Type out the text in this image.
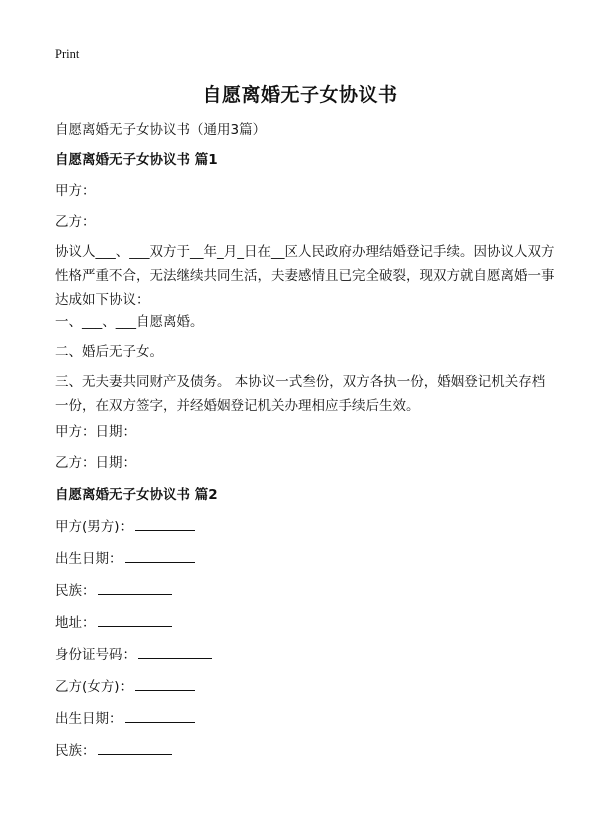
Print
自愿离婚无子女协议书
自愿离婚无子女协议书（通用3篇）
自愿离婚无子女协议书 篇1
甲方：
乙方：

协议人___、___双方于__年_月_日在__区人民政府办理结婚登记手续。因协议人双方性格严重不合，无法继续共同生活，夫妻感情且已完全破裂，现双方就自愿离婚一事达成如下协议：

一、___、___自愿离婚。
二、婚后无子女。

三、无夫妻共同财产及债务。 本协议一式叁份，双方各执一份，婚姻登记机关存档一份，在双方签字，并经婚姻登记机关办理相应手续后生效。

甲方：日期：
乙方：日期：
自愿离婚无子女协议书 篇2
甲方(男方)：
出生日期：
民族：
地址：
身份证号码：
乙方(女方)：
出生日期：
民族：
